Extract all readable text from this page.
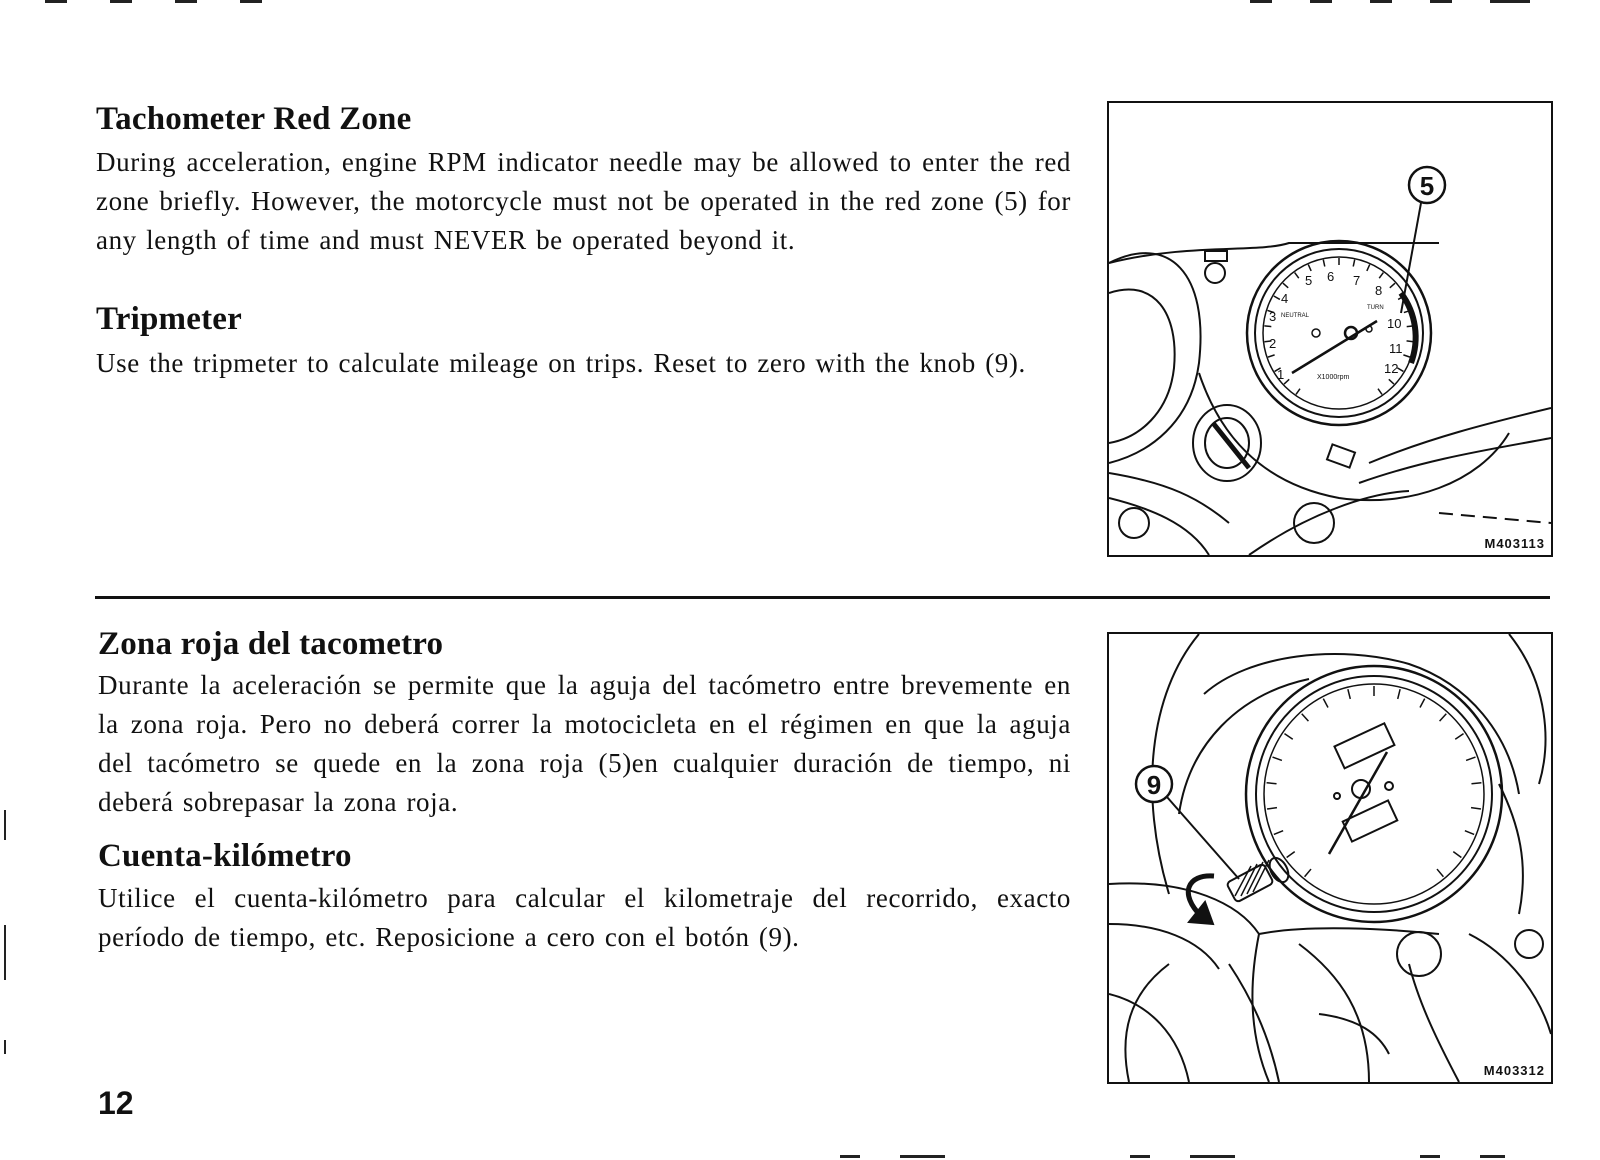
Tachometer Red Zone

During acceleration, engine RPM indicator needle may be allowed to enter the red zone briefly. However, the motorcycle must not be operated in the red zone (5) for any length of time and must NEVER be operated beyond it.

Tripmeter

Use the tripmeter to calculate mileage on trips. Reset to zero with the knob (9).	1
2
3
4
5 6 7
8
10
11
12
X1000rpm
NEUTRAL
TURN
5
M403113
Zona roja del tacometro

Durante la aceleración se permite que la aguja del tacómetro entre brevemente en la zona roja. Pero no deberá correr la motocicleta en el régimen en que la aguja del tacómetro se quede en la zona roja (5)en cualquier duración de tiempo, ni deberá sobrepasar la zona roja.

Cuenta-kilómetro

Utilice el cuenta-kilómetro para calcular el kilometraje del recorrido, exacto período de tiempo, etc. Reposicione a cero con el botón (9).

9
M403312
12
